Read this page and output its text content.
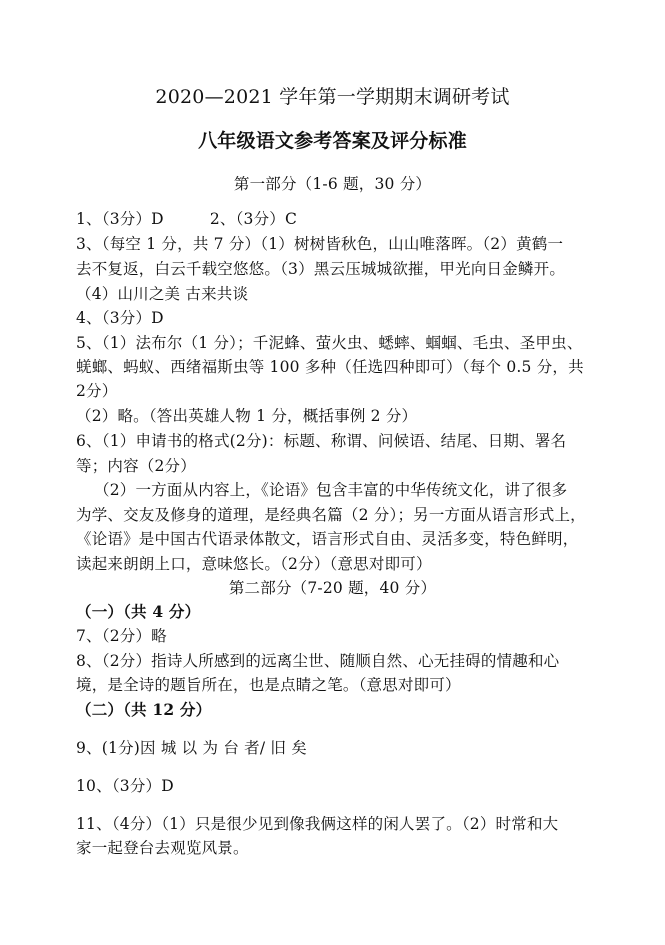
2020—2021 学年第一学期期末调研考试
八年级语文参考答案及评分标准
第一部分（1-6 题，30 分）
1、（3分）D	2、（3分）C
3、（每空 1 分，共 7 分）（1）树树皆秋色，山山唯落晖。（2）黄鹤一
去不复返，白云千载空悠悠。（3）黑云压城城欲摧，甲光向日金鳞开。
（4）山川之美 古来共谈
4、（3分）D
5、（1）法布尔（1 分）；千泥蜂、萤火虫、蟋蟀、蝈蝈、毛虫、圣甲虫、
蜣螂、蚂蚁、西绪福斯虫等 100 多种（任选四种即可）（每个 0.5 分，共
2分）
（2）略。（答出英雄人物 1 分，概括事例 2 分）
6、（1）申请书的格式(2分)：标题、称谓、问候语、结尾、日期、署名
等；内容（2分）
（2）一方面从内容上，《论语》包含丰富的中华传统文化，讲了很多
为学、交友及修身的道理，是经典名篇（2 分）；另一方面从语言形式上，
《论语》是中国古代语录体散文，语言形式自由、灵活多变，特色鲜明，
读起来朗朗上口，意味悠长。（2分）（意思对即可）
第二部分（7-20 题，40 分）
（一）（共 4 分）
7、（2分）略
8、（2分）指诗人所感到的远离尘世、随顺自然、心无挂碍的情趣和心
境，是全诗的题旨所在，也是点睛之笔。（意思对即可）
（二）（共 12 分）
9、(1分)因 城 以 为 台 者/ 旧 矣
10、（3分）D
11、（4分）（1）只是很少见到像我俩这样的闲人罢了。（2）时常和大
家一起登台去观览风景。
